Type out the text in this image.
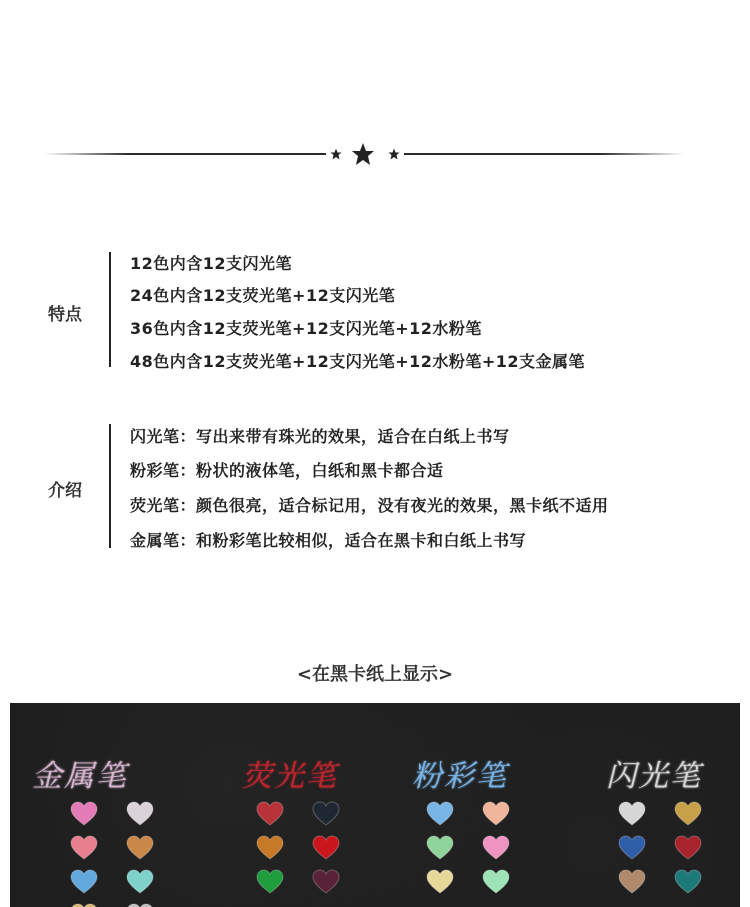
特点
12色内含12支闪光笔
24色内含12支荧光笔+12支闪光笔
36色内含12支荧光笔+12支闪光笔+12水粉笔
48色内含12支荧光笔+12支闪光笔+12水粉笔+12支金属笔
介绍
闪光笔：写出来带有珠光的效果，适合在白纸上书写
粉彩笔：粉状的液体笔，白纸和黑卡都合适
荧光笔：颜色很亮，适合标记用，没有夜光的效果，黑卡纸不适用
金属笔：和粉彩笔比较相似，适合在黑卡和白纸上书写
<在黑卡纸上显示>
金属笔	荧光笔 粉彩笔	闪光笔
